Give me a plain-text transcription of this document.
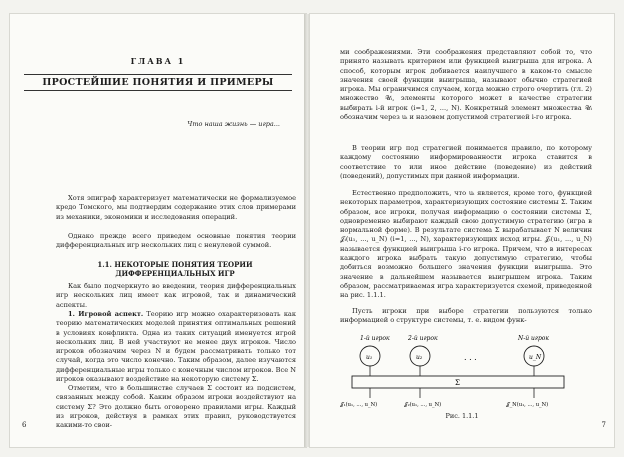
ГЛАВА 1
ПРОСТЕЙШИЕ ПОНЯТИЯ И ПРИМЕРЫ
Что наша жизнь — игра...

Хотя эпиграф характеризует математически не формализуемое кредо Томского, мы подтвердим содержание этих слов примерами из механики, экономики и исследования операций.

Однако прежде всего приведем основные понятия теории дифференциальных игр нескольких лиц с ненулевой суммой.

1.1. НЕКОТОРЫЕ ПОНЯТИЯ ТЕОРИИ ДИФФЕРЕНЦИАЛЬНЫХ ИГР

Как было подчеркнуто во введении, теория дифференциальных игр нескольких лиц имеет как игровой, так и динамический аспекты.

1. Игровой аспект. Теорию игр можно охарактеризовать как теорию математических моделей принятия оптимальных решений в условиях конфликта. Одна из таких ситуаций именуется игрой нескольких лиц. В ней участвуют не менее двух игроков. Число игроков обозначим через N и будем рассматривать только тот случай, когда это число конечно. Таким образом, далее изучаются дифференциальные игры только с конечным числом игроков. Все N игроков оказывают воздействие на некоторую систему Σ.

Отметим, что в большинстве случаев Σ состоит из подсистем, связанных между собой. Каким образом игроки воздействуют на систему Σ? Это должно быть оговорено правилами игры. Каждый из игроков, действуя в рамках этих правил, руководствуется какими-то свои-

6

ми соображениями. Эти соображения представляют собой то, что принято называть критерием или функцией выигрыша для игрока. А способ, которым игрок добивается наилучшего в каком-то смысле значения своей функции выигрыша, называют обычно стратегией игрока. Мы ограничимся случаем, когда можно строго очертить (гл. 2) множество 𝒰ᵢ, элементы которого может в качестве стратегии выбирать i-й игрок (i=1, 2, ..., N). Конкретный элемент множества 𝒰ᵢ обозначим через uᵢ и назовем допустимой стратегией i-го игрока.

В теории игр под стратегией понимается правило, по которому каждому состоянию информированности игрока ставится в соответствие то или иное действие (поведение) из действий (поведений), допустимых при данной информации.

Естественно предположить, что uᵢ является, кроме того, функцией некоторых параметров, характеризующих состояние системы Σ. Таким образом, все игроки, получая информацию о состоянии системы Σ, одновременно выбирают каждый свою допустимую стратегию (игра в нормальной форме). В результате система Σ вырабатывает N величин 𝒥ᵢ(u₁, ..., u_N) (i=1, ..., N), характеризующих исход игры. 𝒥ᵢ(u₁, ..., u_N) называется функцией выигрыша i-го игрока. Причем, что в интересах каждого игрока выбрать такую допустимую стратегию, чтобы добиться возможно большего значения функции выигрыша. Это значение в дальнейшем называется выигрышем игрока. Таким образом, рассматриваемая игра характеризуется схемой, приведенной на рис. 1.1.1.

Пусть игроки при выборе стратегии пользуются только информацией о структуре системы, т. е. видом функ-

1-й игрок	2-й игрок	N-й игрок
u₁	u₂	u_N
. . .
Σ
𝒥₁(u₁, ..., u_N)	𝒥₂(u₁, ..., u_N)	𝒥_N(u₁, ..., u_N)
Рис. 1.1.1
7
